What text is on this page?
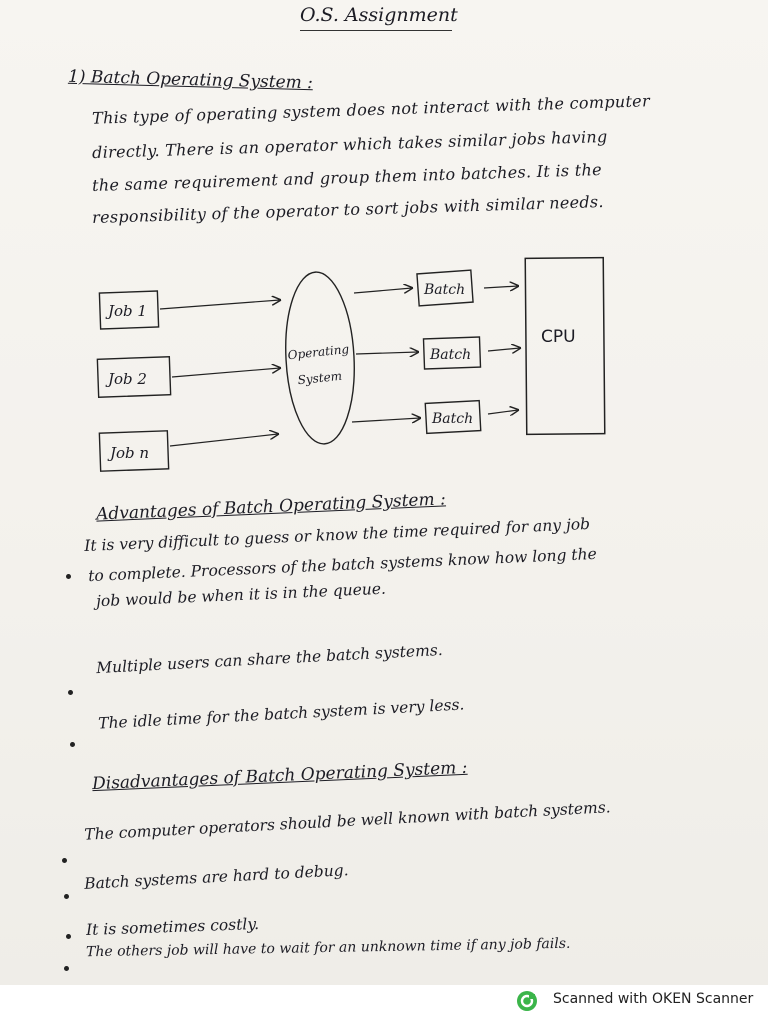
O.S. Assignment
1) Batch Operating System :
This type of operating system does not interact with the computer
directly. There is an operator which takes similar jobs having
the same requirement and group them into batches. It is the
responsibility of the operator to sort jobs with similar needs.
Job 1
Job 2
Job n
Operating
System
Batch
Batch
Batch
CPU
Advantages of Batch Operating System :
It is very difficult to guess or know the time required for any job
to complete. Processors of the batch systems know how long the
job would be when it is in the queue.
Multiple users can share the batch systems.
The idle time for the batch system is very less.
Disadvantages of Batch Operating System :
The computer operators should be well known with batch systems.
Batch systems are hard to debug.
It is sometimes costly.
The others job will have to wait for an unknown time if any job fails.
Scanned with OKEN Scanner
